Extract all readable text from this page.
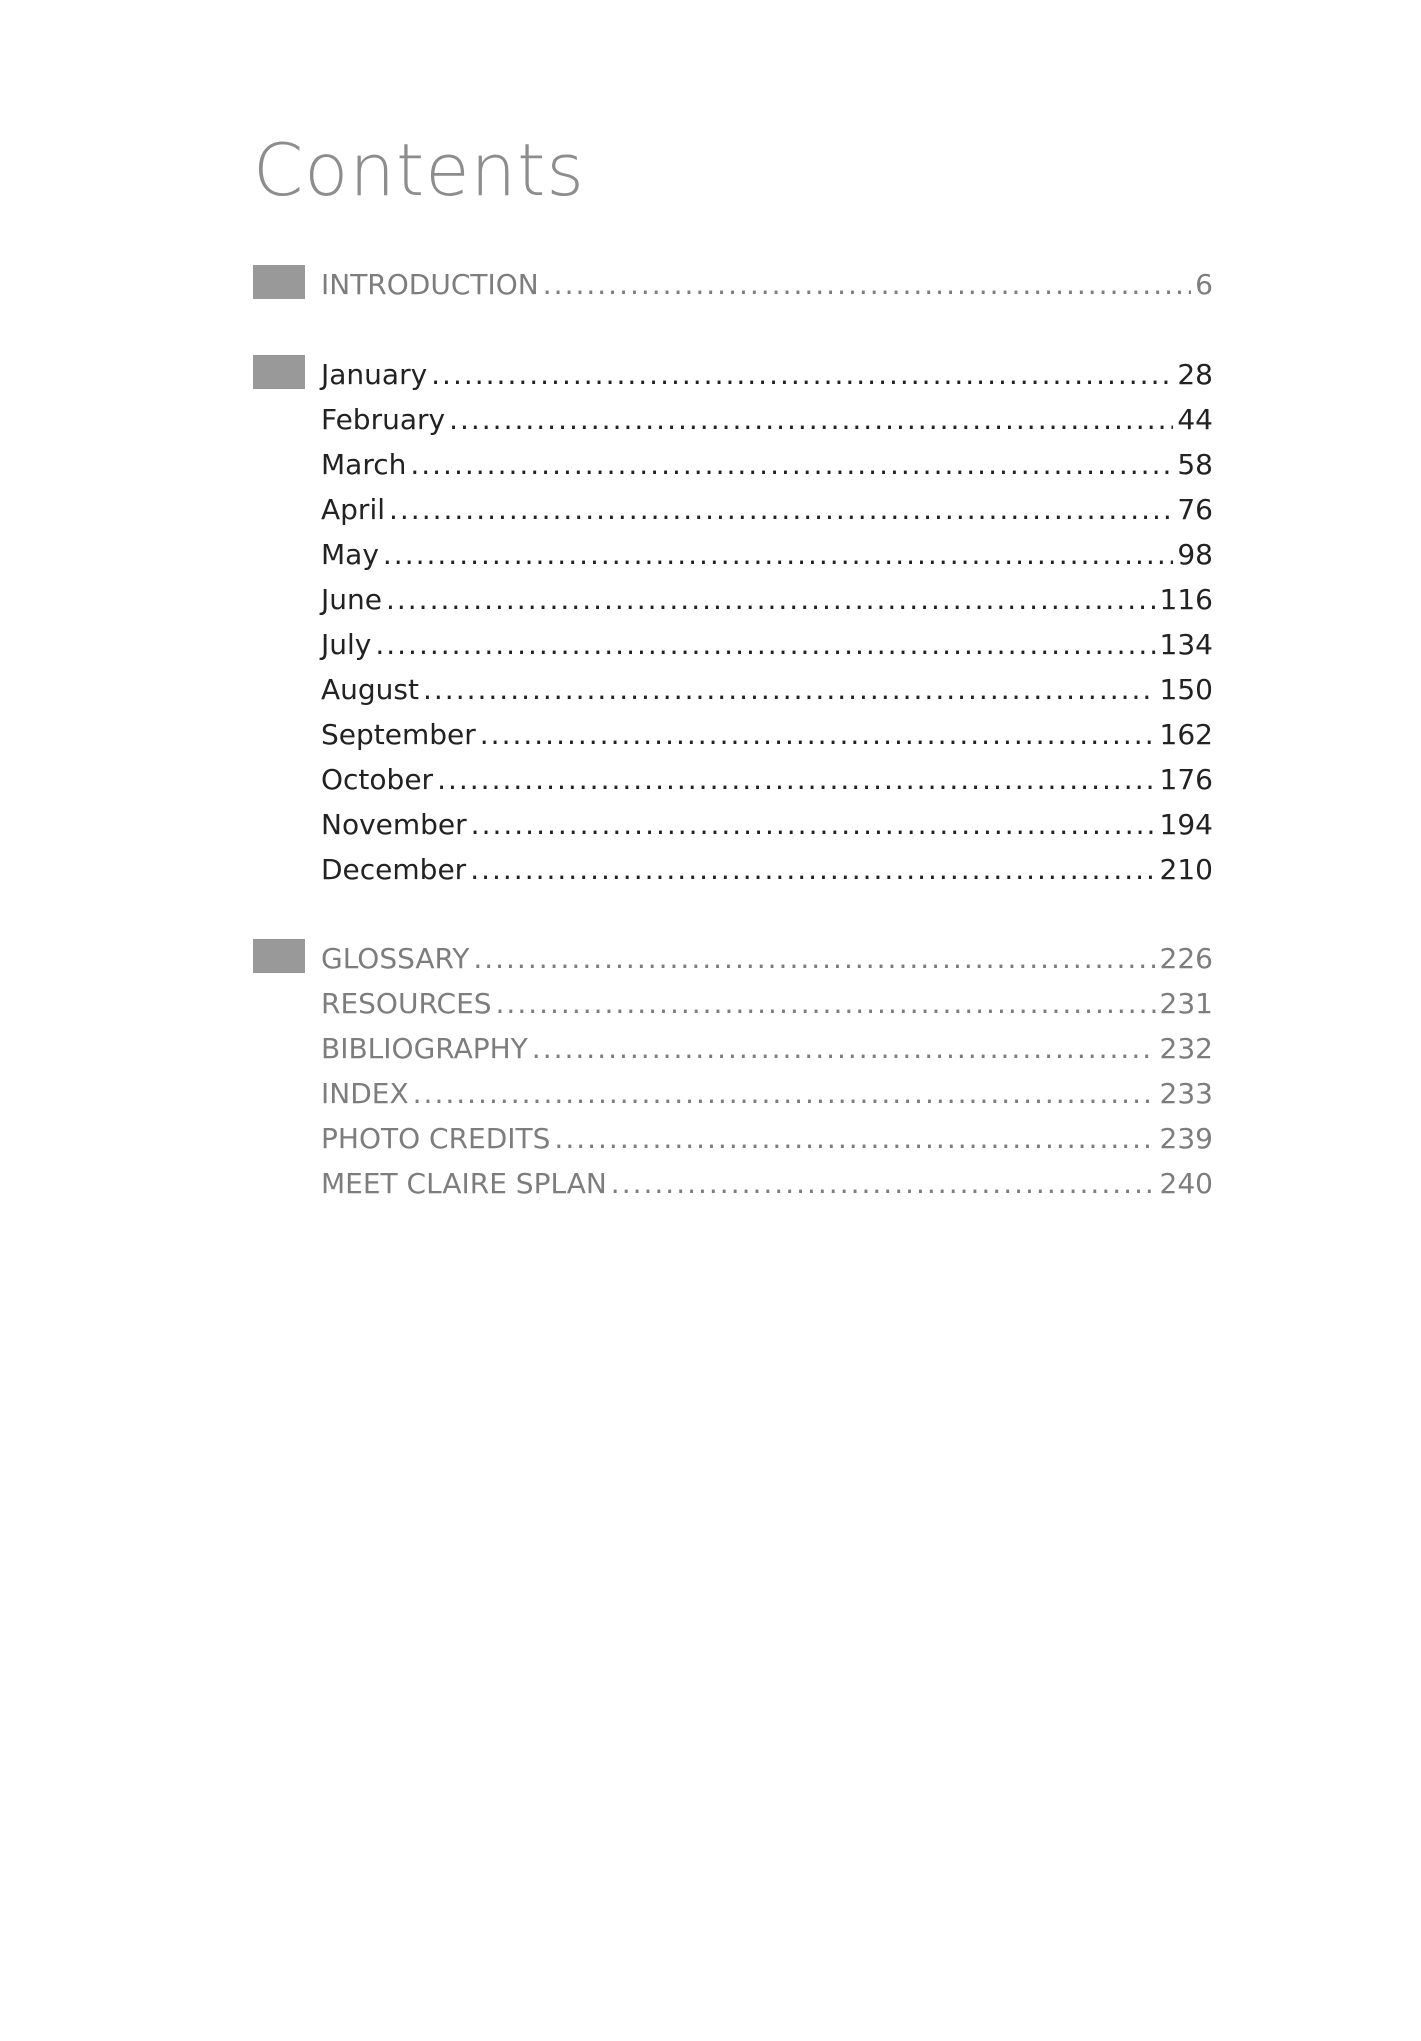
Contents
INTRODUCTION .....	6
January .....	28
February .....	44
March .....	58
April .....	76
May .....	98
June .....	116
July .....	134
August .....	150
September .....	162
October .....	176
November .....	194
December .....	210
GLOSSARY .....	226
RESOURCES .....	231
BIBLIOGRAPHY .....	232
INDEX .....	233
PHOTO CREDITS .....	239
MEET CLAIRE SPLAN .....	240
